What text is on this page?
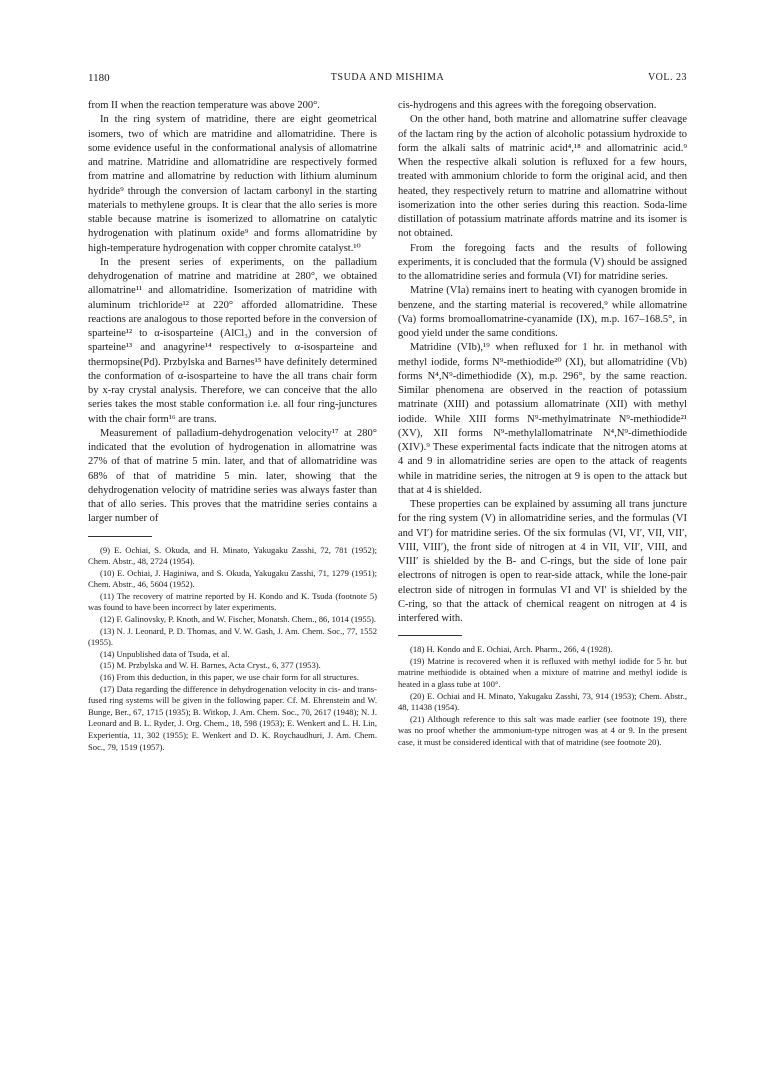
1180	TSUDA AND MISHIMA	VOL. 23

from II when the reaction temperature was above 200°.

In the ring system of matridine, there are eight geometrical isomers, two of which are matridine and allomatridine. There is some evidence useful in the conformational analysis of allomatrine and matrine. Matridine and allomatridine are respectively formed from matrine and allomatrine by reduction with lithium aluminum hydride⁹ through the conversion of lactam carbonyl in the starting materials to methylene groups. It is clear that the allo series is more stable because matrine is isomerized to allomatrine on catalytic hydrogenation with platinum oxide⁹ and forms allomatridine by high-temperature hydrogenation with copper chromite catalyst.¹⁰

In the present series of experiments, on the palladium dehydrogenation of matrine and matridine at 280°, we obtained allomatrine¹¹ and allomatridine. Isomerization of matridine with aluminum trichloride¹² at 220° afforded allomatridine. These reactions are analogous to those reported before in the conversion of sparteine¹² to α-isosparteine (AlCl₃) and in the conversion of sparteine¹³ and anagyrine¹⁴ respectively to α-isosparteine and thermopsine(Pd). Przbylska and Barnes¹⁵ have definitely determined the conformation of α-isosparteine to have the all trans chair form by x-ray crystal analysis. Therefore, we can conceive that the allo series takes the most stable conformation i.e. all four ring-junctures with the chair form¹⁶ are trans.

Measurement of palladium-dehydrogenation velocity¹⁷ at 280° indicated that the evolution of hydrogenation in allomatrine was 27% of that of matrine 5 min. later, and that of allomatridine was 68% of that of matridine 5 min. later, showing that the dehydrogenation velocity of matridine series was always faster than that of allo series. This proves that the matridine series contains a larger number of

(9) E. Ochiai, S. Okuda, and H. Minato, Yakugaku Zasshi, 72, 781 (1952); Chem. Abstr., 48, 2724 (1954).

(10) E. Ochiai, J. Haginiwa, and S. Okuda, Yakugaku Zasshi, 71, 1279 (1951); Chem. Abstr., 46, 5604 (1952).

(11) The recovery of matrine reported by H. Kondo and K. Tsuda (footnote 5) was found to have been incorrect by later experiments.

(12) F. Galinovsky, P. Knoth, and W. Fischer, Monatsh. Chem., 86, 1014 (1955).

(13) N. J. Leonard, P. D. Thomas, and V. W. Gash, J. Am. Chem. Soc., 77, 1552 (1955).

(14) Unpublished data of Tsuda, et al.

(15) M. Przbylska and W. H. Barnes, Acta Cryst., 6, 377 (1953).

(16) From this deduction, in this paper, we use chair form for all structures.

(17) Data regarding the difference in dehydrogenation velocity in cis- and trans-fused ring systems will be given in the following paper. Cf. M. Ehrenstein and W. Bunge, Ber., 67, 1715 (1935); B. Witkop, J. Am. Chem. Soc., 70, 2617 (1948); N. J. Leonard and B. L. Ryder, J. Org. Chem., 18, 598 (1953); E. Wenkert and L. H. Lin, Experientia, 11, 302 (1955); E. Wenkert and D. K. Roychaudhuri, J. Am. Chem. Soc., 79, 1519 (1957).

cis-hydrogens and this agrees with the foregoing observation.

On the other hand, both matrine and allomatrine suffer cleavage of the lactam ring by the action of alcoholic potassium hydroxide to form the alkali salts of matrinic acid⁴,¹⁸ and allomatrinic acid.⁹ When the respective alkali solution is refluxed for a few hours, treated with ammonium chloride to form the original acid, and then heated, they respectively return to matrine and allomatrine without isomerization into the other series during this reaction. Soda-lime distillation of potassium matrinate affords matrine and its isomer is not obtained.

From the foregoing facts and the results of following experiments, it is concluded that the formula (V) should be assigned to the allomatridine series and formula (VI) for matridine series.

Matrine (VIa) remains inert to heating with cyanogen bromide in benzene, and the starting material is recovered,⁹ while allomatrine (Va) forms bromoallomatrine-cyanamide (IX), m.p. 167–168.5°, in good yield under the same conditions.

Matridine (VIb),¹⁹ when refluxed for 1 hr. in methanol with methyl iodide, forms N⁹-methiodide²⁰ (XI), but allomatridine (Vb) forms N⁴,N⁹-dimethiodide (X), m.p. 296°, by the same reaction. Similar phenomena are observed in the reaction of potassium matrinate (XIII) and potassium allomatrinate (XII) with methyl iodide. While XIII forms N⁹-methylmatrinate N⁹-methiodide²¹ (XV), XII forms N⁹-methylallomatrinate N⁴,N⁹-dimethiodide (XIV).⁹ These experimental facts indicate that the nitrogen atoms at 4 and 9 in allomatridine series are open to the attack of reagents while in matridine series, the nitrogen at 9 is open to the attack but that at 4 is shielded.

These properties can be explained by assuming all trans juncture for the ring system (V) in allomatridine series, and the formulas (VI and VI′) for matridine series. Of the six formulas (VI, VI′, VII, VII′, VIII, VIII′), the front side of nitrogen at 4 in VII, VII′, VIII, and VIII′ is shielded by the B- and C-rings, but the side of lone pair electrons of nitrogen is open to rear-side attack, while the lone-pair electron side of nitrogen in formulas VI and VI′ is shielded by the C-ring, so that the attack of chemical reagent on nitrogen at 4 is interfered with.

(18) H. Kondo and E. Ochiai, Arch. Pharm., 266, 4 (1928).

(19) Matrine is recovered when it is refluxed with methyl iodide for 5 hr. but matrine methiodide is obtained when a mixture of matrine and methyl iodide is heated in a glass tube at 100°.

(20) E. Ochiai and H. Minato, Yakugaku Zasshi, 73, 914 (1953); Chem. Abstr., 48, 11438 (1954).

(21) Although reference to this salt was made earlier (see footnote 19), there was no proof whether the ammonium-type nitrogen was at 4 or 9. In the present case, it must be considered identical with that of matridine (see footnote 20).
